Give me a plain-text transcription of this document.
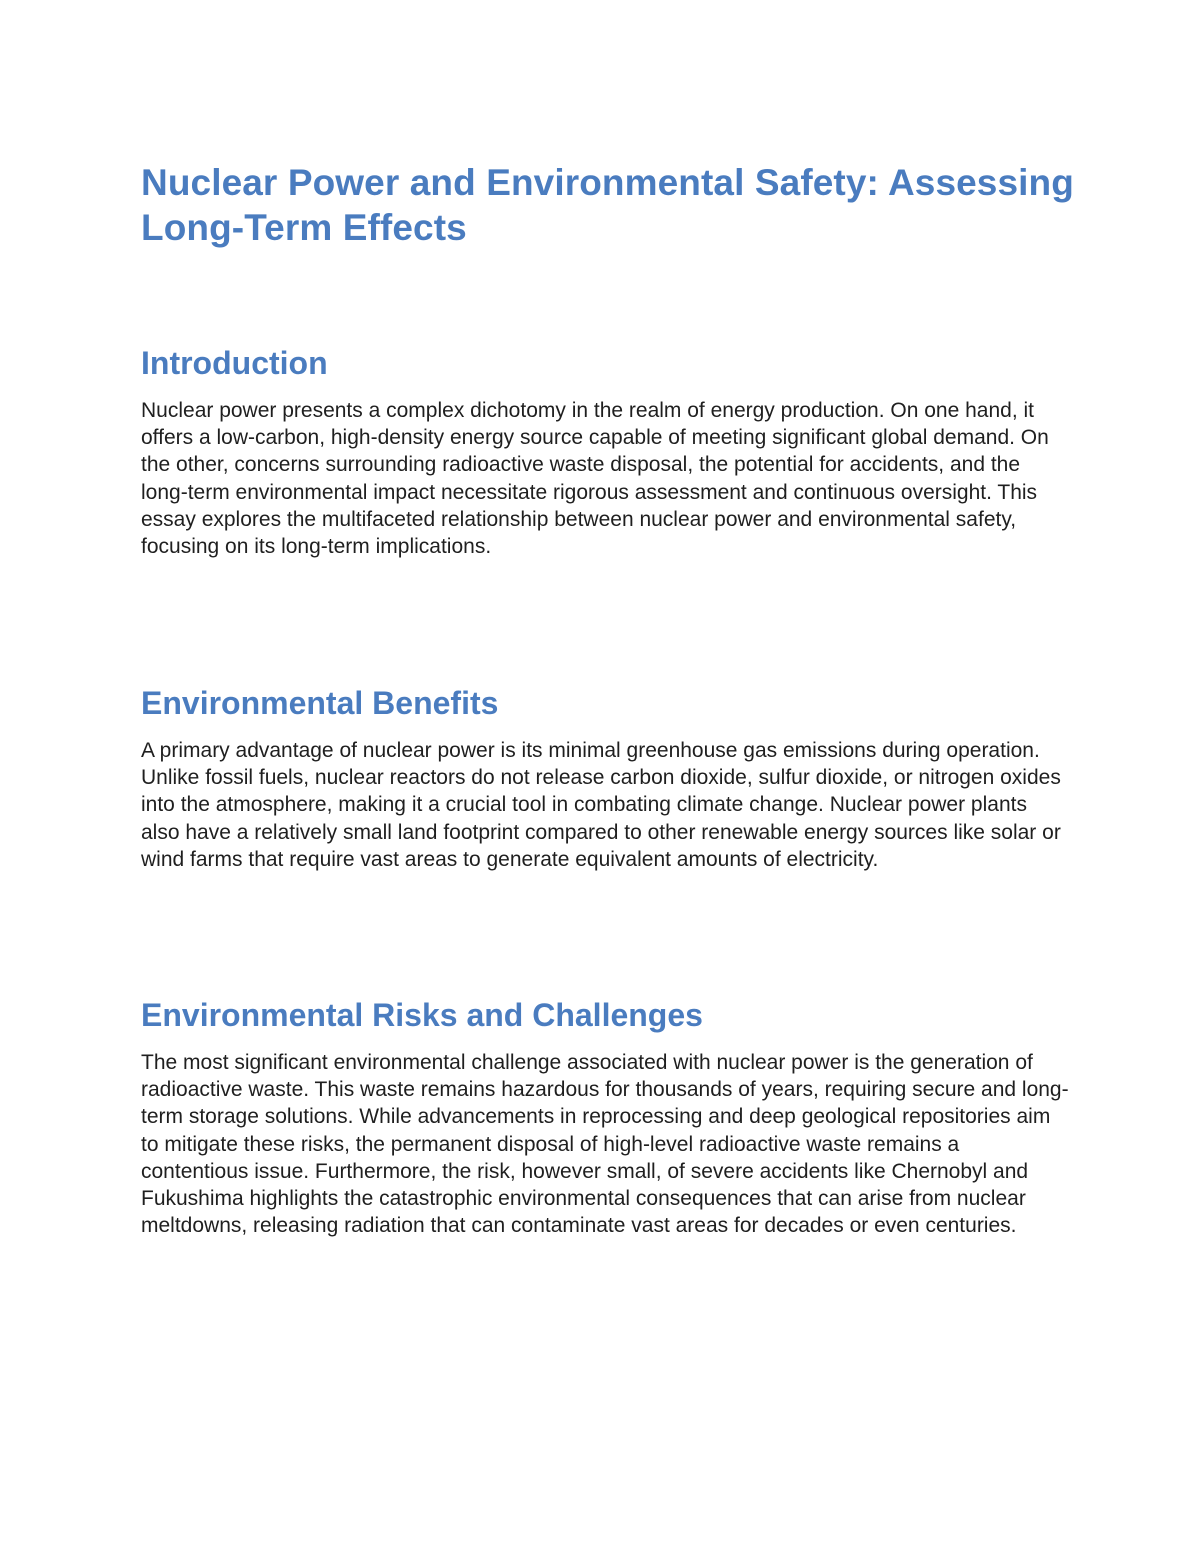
Nuclear Power and Environmental Safety: Assessing Long-Term Effects
Introduction

Nuclear power presents a complex dichotomy in the realm of energy production. On one hand, it offers a low-carbon, high-density energy source capable of meeting significant global demand. On the other, concerns surrounding radioactive waste disposal, the potential for accidents, and the long-term environmental impact necessitate rigorous assessment and continuous oversight. This essay explores the multifaceted relationship between nuclear power and environmental safety, focusing on its long-term implications.

Environmental Benefits

A primary advantage of nuclear power is its minimal greenhouse gas emissions during operation. Unlike fossil fuels, nuclear reactors do not release carbon dioxide, sulfur dioxide, or nitrogen oxides into the atmosphere, making it a crucial tool in combating climate change. Nuclear power plants also have a relatively small land footprint compared to other renewable energy sources like solar or wind farms that require vast areas to generate equivalent amounts of electricity.

Environmental Risks and Challenges

The most significant environmental challenge associated with nuclear power is the generation of radioactive waste. This waste remains hazardous for thousands of years, requiring secure and long-term storage solutions. While advancements in reprocessing and deep geological repositories aim to mitigate these risks, the permanent disposal of high-level radioactive waste remains a contentious issue. Furthermore, the risk, however small, of severe accidents like Chernobyl and Fukushima highlights the catastrophic environmental consequences that can arise from nuclear meltdowns, releasing radiation that can contaminate vast areas for decades or even centuries.
